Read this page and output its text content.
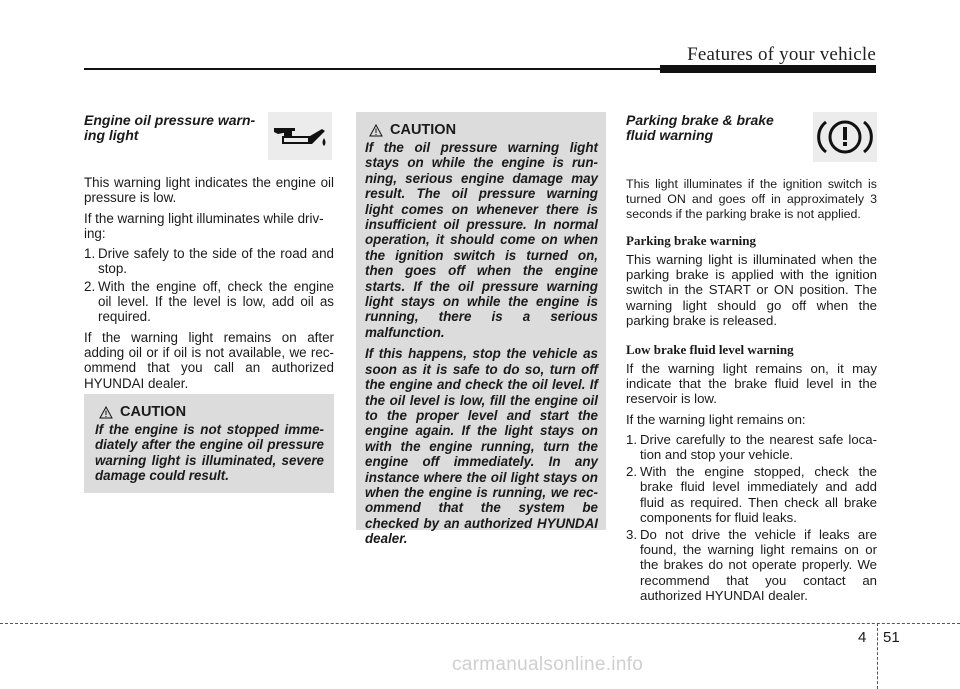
Features of your vehicle
Engine oil pressure warn-
ing light

This warning light indicates the engine oil pressure is low.

If the warning light illuminates while driv-ing:

1. Drive safely to the side of the road and stop.
2. With the engine off, check the engine oil level. If the level is low, add oil as required.

If the warning light remains on after adding oil or if oil is not available, we rec-ommend that you call an authorized HYUNDAI dealer.

CAUTION
If the engine is not stopped imme-diately after the engine oil pressure warning light is illuminated, severe damage could result.
CAUTION
If the oil pressure warning light stays on while the engine is run-ning, serious engine damage may result. The oil pressure warning light comes on whenever there is insufficient oil pressure. In normal operation, it should come on when the ignition switch is turned on, then goes off when the engine starts. If the oil pressure warning light stays on while the engine is running, there is a serious malfunction.
If this happens, stop the vehicle as soon as it is safe to do so, turn off the engine and check the oil level. If the oil level is low, fill the engine oil to the proper level and start the engine again. If the light stays on with the engine running, turn the engine off immediately. In any instance where the oil light stays on when the engine is running, we rec-ommend that the system be checked by an authorized HYUNDAI dealer.
Parking brake & brake
fluid warning

This light illuminates if the ignition switch is turned ON and goes off in approximately 3 seconds if the parking brake is not applied.

Parking brake warning

This warning light is illuminated when the parking brake is applied with the ignition switch in the START or ON position. The warning light should go off when the parking brake is released.

Low brake fluid level warning

If the warning light remains on, it may indicate that the brake fluid level in the reservoir is low.

If the warning light remains on:

1. Drive carefully to the nearest safe loca-tion and stop your vehicle.
2. With the engine stopped, check the brake fluid level immediately and add fluid as required. Then check all brake components for fluid leaks.
3. Do not drive the vehicle if leaks are found, the warning light remains on or the brakes do not operate properly. We recommend that you contact an authorized HYUNDAI dealer.
4 51
carmanualsonline.info
